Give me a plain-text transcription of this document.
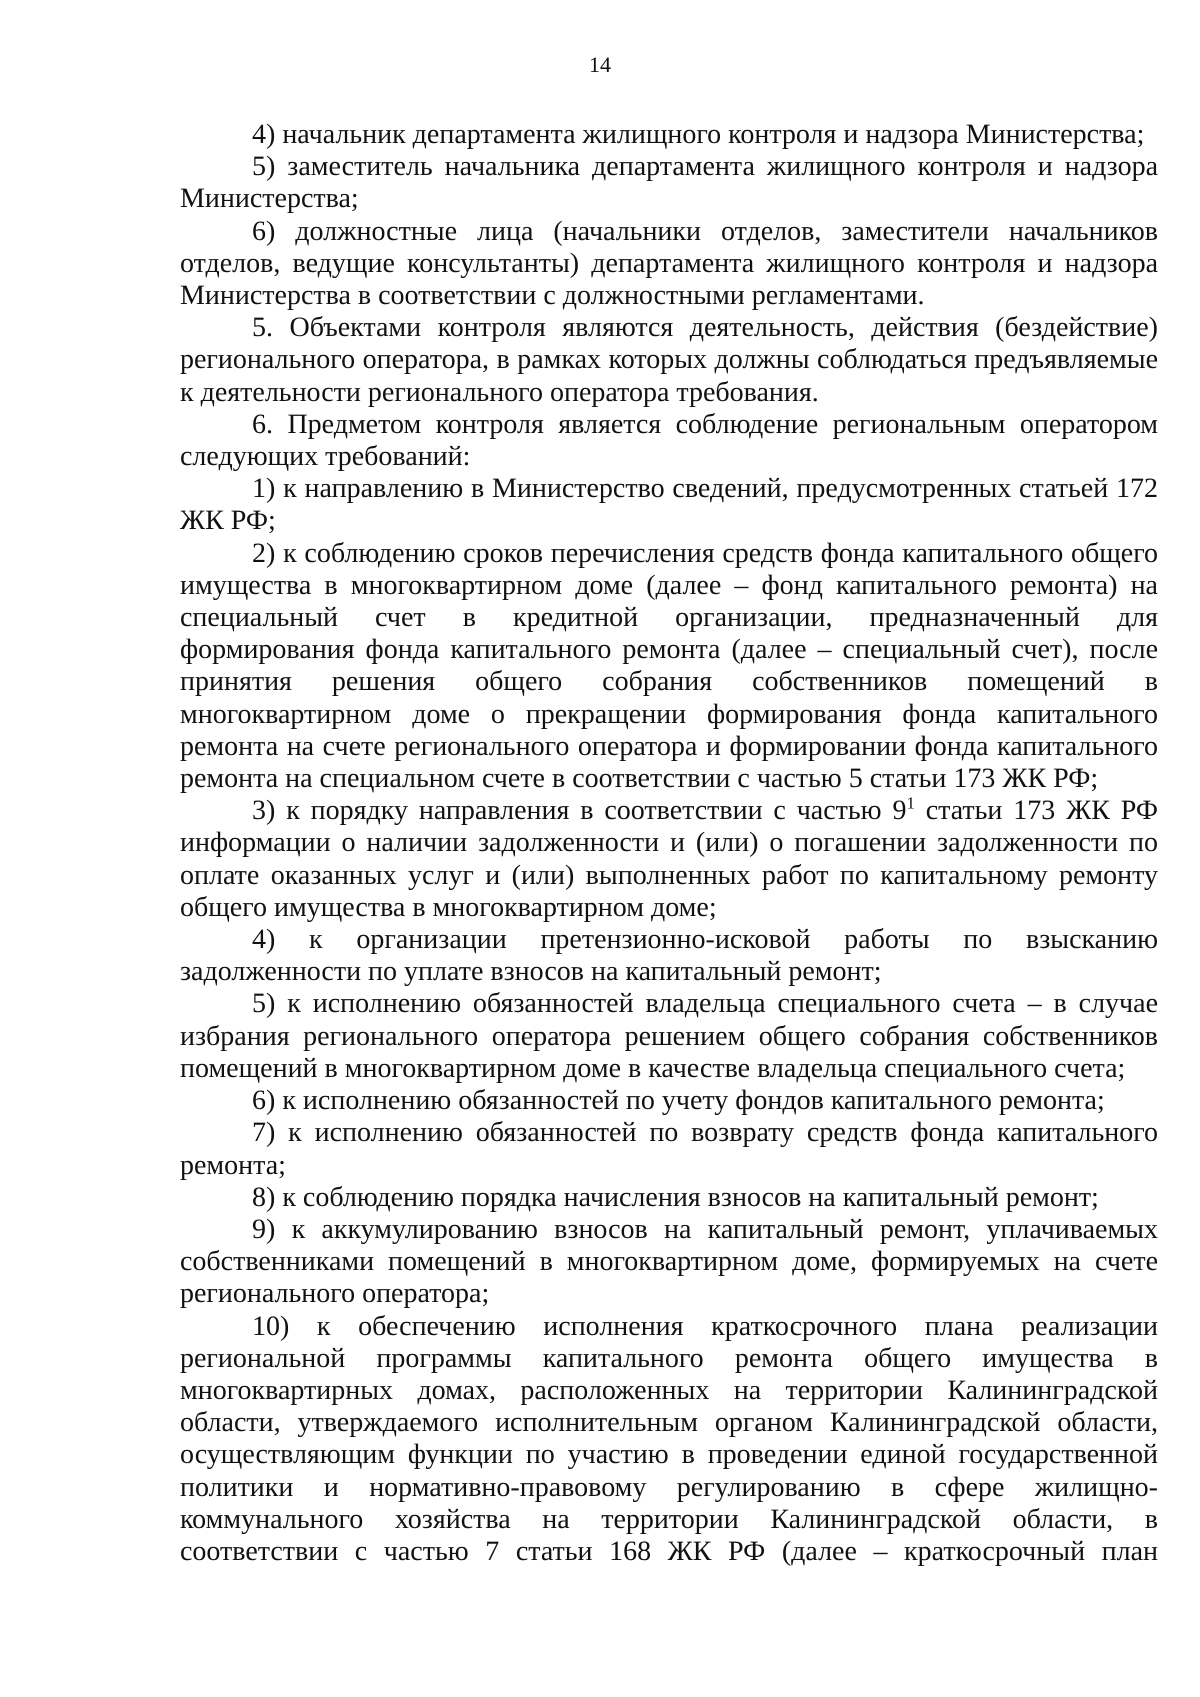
14

4) начальник департамента жилищного контроля и надзора Министерства;

5) заместитель начальника департамента жилищного контроля и надзора Министерства;

6) должностные лица (начальники отделов, заместители начальников отделов, ведущие консультанты) департамента жилищного контроля и надзора Министерства в соответствии с должностными регламентами.

5. Объектами контроля являются деятельность, действия (бездействие) регионального оператора, в рамках которых должны соблюдаться предъявляемые к деятельности регионального оператора требования.

6. Предметом контроля является соблюдение региональным оператором следующих требований:

1) к направлению в Министерство сведений, предусмотренных статьей 172 ЖК РФ;

2) к соблюдению сроков перечисления средств фонда капитального общего имущества в многоквартирном доме (далее – фонд капитального ремонта) на специальный счет в кредитной организации, предназначенный для формирования фонда капитального ремонта (далее – специальный счет), после принятия решения общего собрания собственников помещений в многоквартирном доме о прекращении формирования фонда капитального ремонта на счете регионального оператора и формировании фонда капитального ремонта на специальном счете в соответствии с частью 5 статьи 173 ЖК РФ;

3) к порядку направления в соответствии с частью $9^1$ статьи 173 ЖК РФ информации о наличии задолженности и (или) о погашении задолженности по оплате оказанных услуг и (или) выполненных работ по капитальному ремонту общего имущества в многоквартирном доме;

4) к организации претензионно-исковой работы по взысканию задолженности по уплате взносов на капитальный ремонт;

5) к исполнению обязанностей владельца специального счета – в случае избрания регионального оператора решением общего собрания собственников помещений в многоквартирном доме в качестве владельца специального счета;

6) к исполнению обязанностей по учету фондов капитального ремонта;

7) к исполнению обязанностей по возврату средств фонда капитального ремонта;

8) к соблюдению порядка начисления взносов на капитальный ремонт;

9) к аккумулированию взносов на капитальный ремонт, уплачиваемых собственниками помещений в многоквартирном доме, формируемых на счете регионального оператора;

10) к обеспечению исполнения краткосрочного плана реализации региональной программы капитального ремонта общего имущества в многоквартирных домах, расположенных на территории Калининградской области, утверждаемого исполнительным органом Калининградской области, осуществляющим функции по участию в проведении единой государственной политики и нормативно-правовому регулированию в сфере жилищно-коммунального хозяйства на территории Калининградской области, в соответствии с частью 7 статьи 168 ЖК РФ (далее – краткосрочный план
